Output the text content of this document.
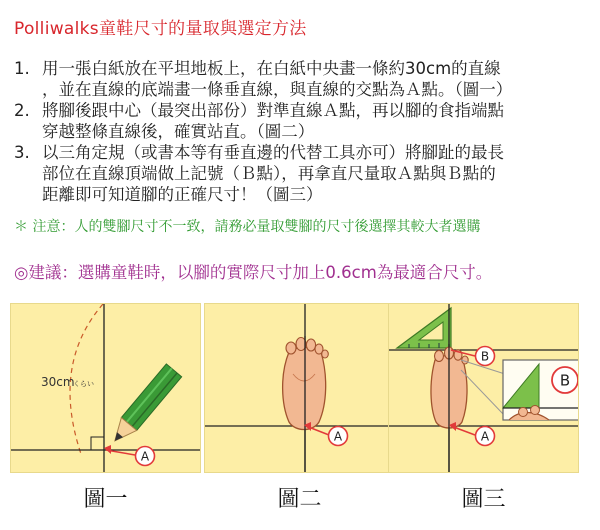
Polliwalks童鞋尺寸的量取與選定方法
1. 用一張白紙放在平坦地板上，在白紙中央畫一條約30cm的直線
，並在直線的底端畫一條垂直線，與直線的交點為Ａ點。（圖一）
2. 將腳後跟中心（最突出部份）對準直線Ａ點，再以腳的食指端點
穿越整條直線後，確實站直。（圖二）
3. 以三角定規（或書本等有垂直邊的代替工具亦可）將腳趾的最長
部位在直線頂端做上記號（Ｂ點），再拿直尺量取Ａ點與Ｂ點的
距離即可知道腳的正確尺寸！（圖三）
＊ 注意：人的雙腳尺寸不一致，請務必量取雙腳的尺寸後選擇其較大者選購
◎建議：選購童鞋時，以腳的實際尺寸加上0.6cm為最適合尺寸。
30cm
くらい
A
圖一
A
圖二
B
A
B
圖三
